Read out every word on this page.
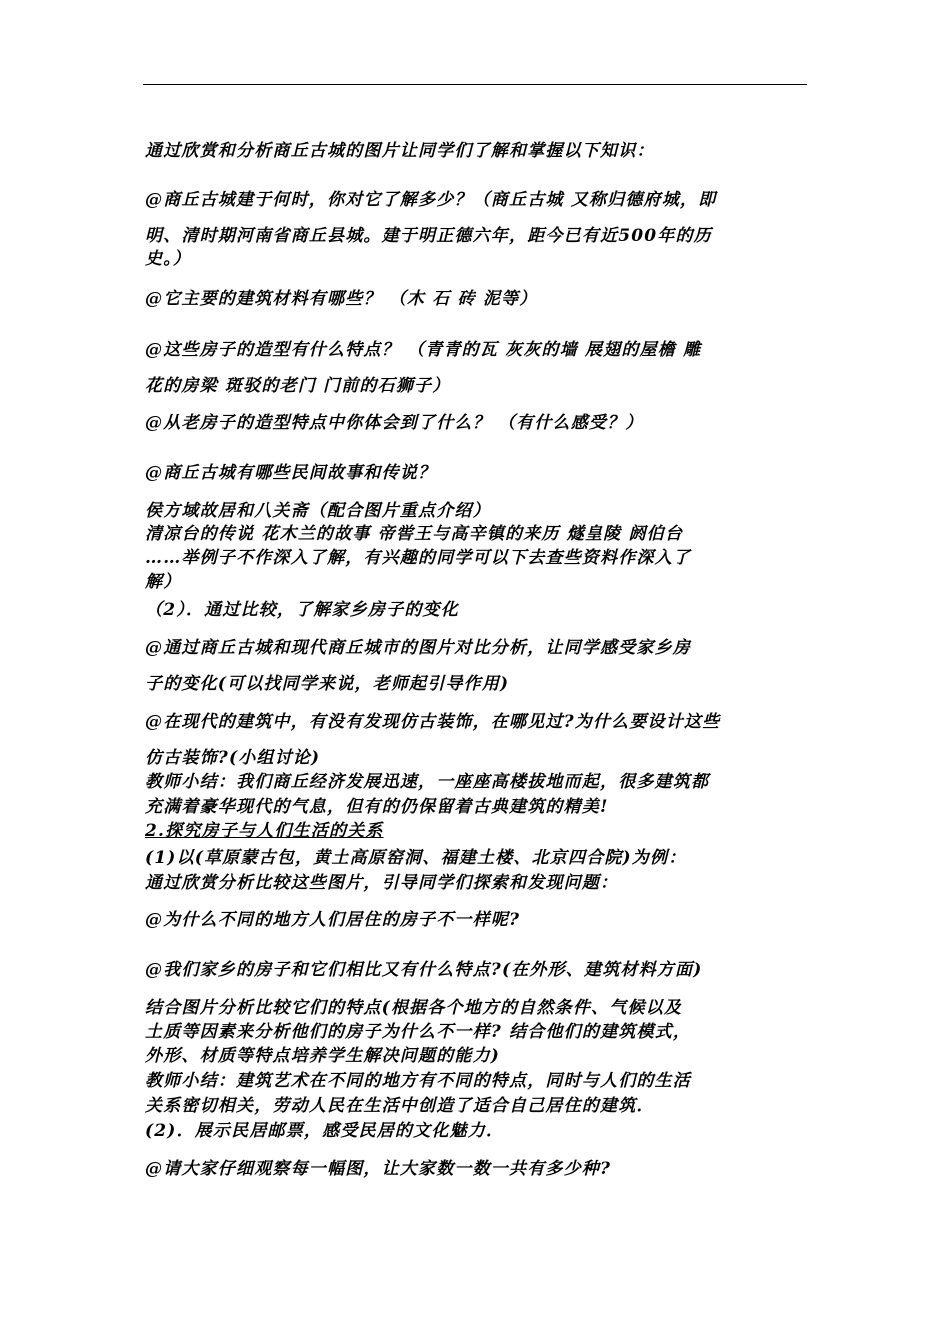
通过欣赏和分析商丘古城的图片让同学们了解和掌握以下知识：
@商丘古城建于何时，你对它了解多少？（商丘古城 又称归德府城，即
明、清时期河南省商丘县城。建于明正德六年，距今已有近500年的历
史。）
@它主要的建筑材料有哪些？ （木 石 砖 泥等）
@这些房子的造型有什么特点？ （青青的瓦 灰灰的墙 展翅的屋檐 雕
花的房梁 斑驳的老门 门前的石狮子）
@从老房子的造型特点中你体会到了什么？ （有什么感受？）
@商丘古城有哪些民间故事和传说？
侯方域故居和八关斋（配合图片重点介绍）
清凉台的传说 花木兰的故事 帝喾王与高辛镇的来历 燧皇陵 阏伯台
……举例子不作深入了解，有兴趣的同学可以下去查些资料作深入了
解）
（2）．通过比较，了解家乡房子的变化
@通过商丘古城和现代商丘城市的图片对比分析，让同学感受家乡房
子的变化(可以找同学来说，老师起引导作用)
@在现代的建筑中，有没有发现仿古装饰，在哪见过?为什么要设计这些
仿古装饰?(小组讨论)
教师小结：我们商丘经济发展迅速，一座座高楼拔地而起，很多建筑都
充满着豪华现代的气息，但有的仍保留着古典建筑的精美!
2.探究房子与人们生活的关系
(1)以(草原蒙古包，黄土高原窑洞、福建土楼、北京四合院)为例：
通过欣赏分析比较这些图片，引导同学们探索和发现问题：
@为什么不同的地方人们居住的房子不一样呢?
@我们家乡的房子和它们相比又有什么特点?(在外形、建筑材料方面)
结合图片分析比较它们的特点(根据各个地方的自然条件、气候以及
土质等因素来分析他们的房子为什么不一样? 结合他们的建筑模式，
外形、材质等特点培养学生解决问题的能力)
教师小结：建筑艺术在不同的地方有不同的特点，同时与人们的生活
关系密切相关，劳动人民在生活中创造了适合自己居住的建筑．
(2)．展示民居邮票，感受民居的文化魅力．
@请大家仔细观察每一幅图，让大家数一数一共有多少种?
